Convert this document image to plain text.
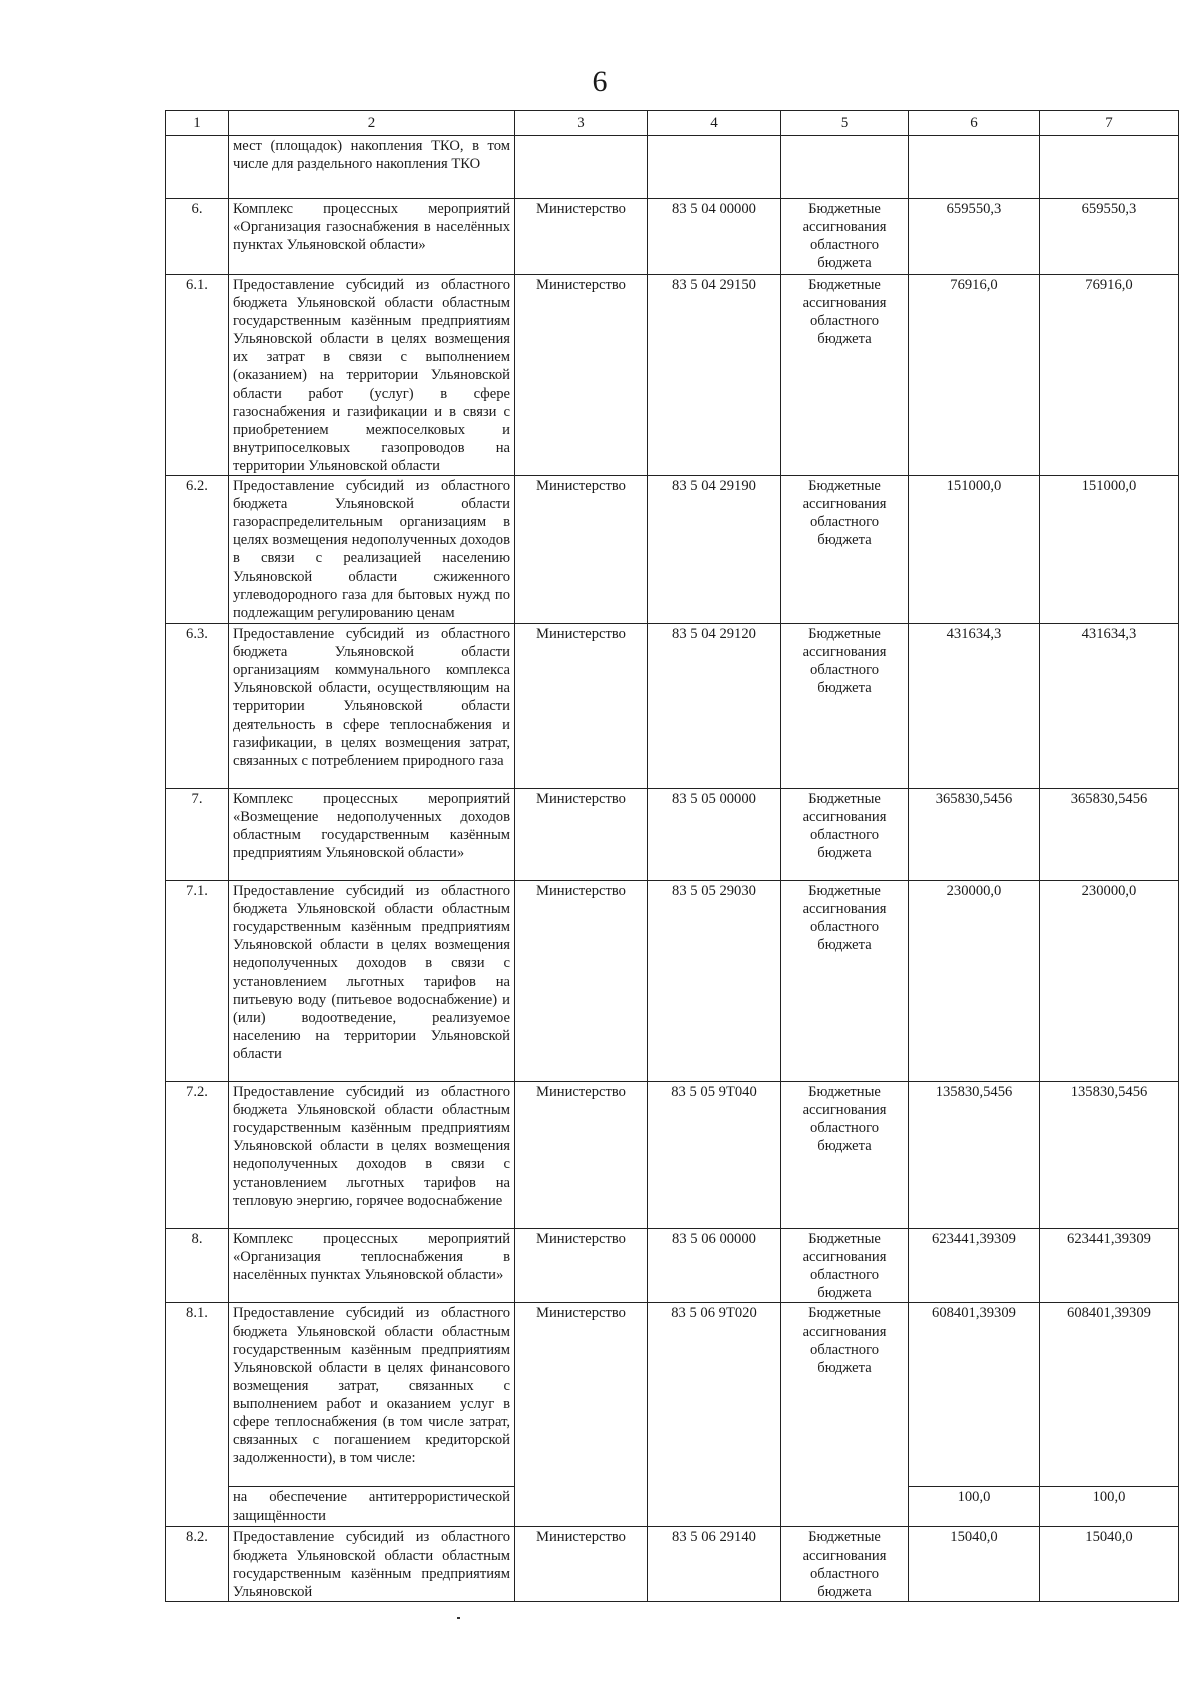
6
1	2	3	4	5	6	7
	мест (площадок) накопления ТКО, в том числе для раздельного накопления ТКО					
6.	Комплекс процессных мероприятий «Организация газоснабжения в населённых пунктах Ульяновской области»	Министерство	83 5 04 00000	Бюджетные ассигнования областного бюджета	659550,3	659550,3
6.1.	Предоставление субсидий из областного бюджета Ульяновской области областным государственным казённым предприятиям Ульяновской области в целях возмещения их затрат в связи с выполнением (оказанием) на территории Ульяновской области работ (услуг) в сфере газоснабжения и газификации и в связи с приобретением межпоселковых и внутрипоселковых газопроводов на территории Ульяновской области	Министерство	83 5 04 29150	Бюджетные ассигнования областного бюджета	76916,0	76916,0
6.2.	Предоставление субсидий из областного бюджета Ульяновской области газораспределительным организациям в целях возмещения недополученных доходов в связи с реализацией населению Ульяновской области сжиженного углеводородного газа для бытовых нужд по подлежащим регулированию ценам	Министерство	83 5 04 29190	Бюджетные ассигнования областного бюджета	151000,0	151000,0
6.3.	Предоставление субсидий из областного бюджета Ульяновской области организациям коммунального комплекса Ульяновской области, осуществляющим на территории Ульяновской области деятельность в сфере теплоснабжения и газификации, в целях возмещения затрат, связанных с потреблением природного газа	Министерство	83 5 04 29120	Бюджетные ассигнования областного бюджета	431634,3	431634,3
7.	Комплекс процессных мероприятий «Возмещение недополученных доходов областным государственным казённым предприятиям Ульяновской области»	Министерство	83 5 05 00000	Бюджетные ассигнования областного бюджета	365830,5456	365830,5456
7.1.	Предоставление субсидий из областного бюджета Ульяновской области областным государственным казённым предприятиям Ульяновской области в целях возмещения недополученных доходов в связи с установлением льготных тарифов на питьевую воду (питьевое водоснабжение) и (или) водоотведение, реализуемое населению на территории Ульяновской области	Министерство	83 5 05 29030	Бюджетные ассигнования областного бюджета	230000,0	230000,0
7.2.	Предоставление субсидий из областного бюджета Ульяновской области областным государственным казённым предприятиям Ульяновской области в целях возмещения недополученных доходов в связи с установлением льготных тарифов на тепловую энергию, горячее водоснабжение	Министерство	83 5 05 9Т040	Бюджетные ассигнования областного бюджета	135830,5456	135830,5456
8.	Комплекс процессных мероприятий «Организация теплоснабжения в населённых пунктах Ульяновской области»	Министерство	83 5 06 00000	Бюджетные ассигнования областного бюджета	623441,39309	623441,39309
8.1.	Предоставление субсидий из областного бюджета Ульяновской области областным государственным казённым предприятиям Ульяновской области в целях финансового возмещения затрат, связанных с выполнением работ и оказанием услуг в сфере теплоснабжения (в том числе затрат, связанных с погашением кредиторской задолженности), в том числе:	Министерство	83 5 06 9Т020	Бюджетные ассигнования областного бюджета	608401,39309	608401,39309
	на обеспечение антитеррористической защищённости				100,0	100,0
8.2.	Предоставление субсидий из областного бюджета Ульяновской области областным государственным казённым предприятиям Ульяновской	Министерство	83 5 06 29140	Бюджетные ассигнования областного бюджета	15040,0	15040,0
